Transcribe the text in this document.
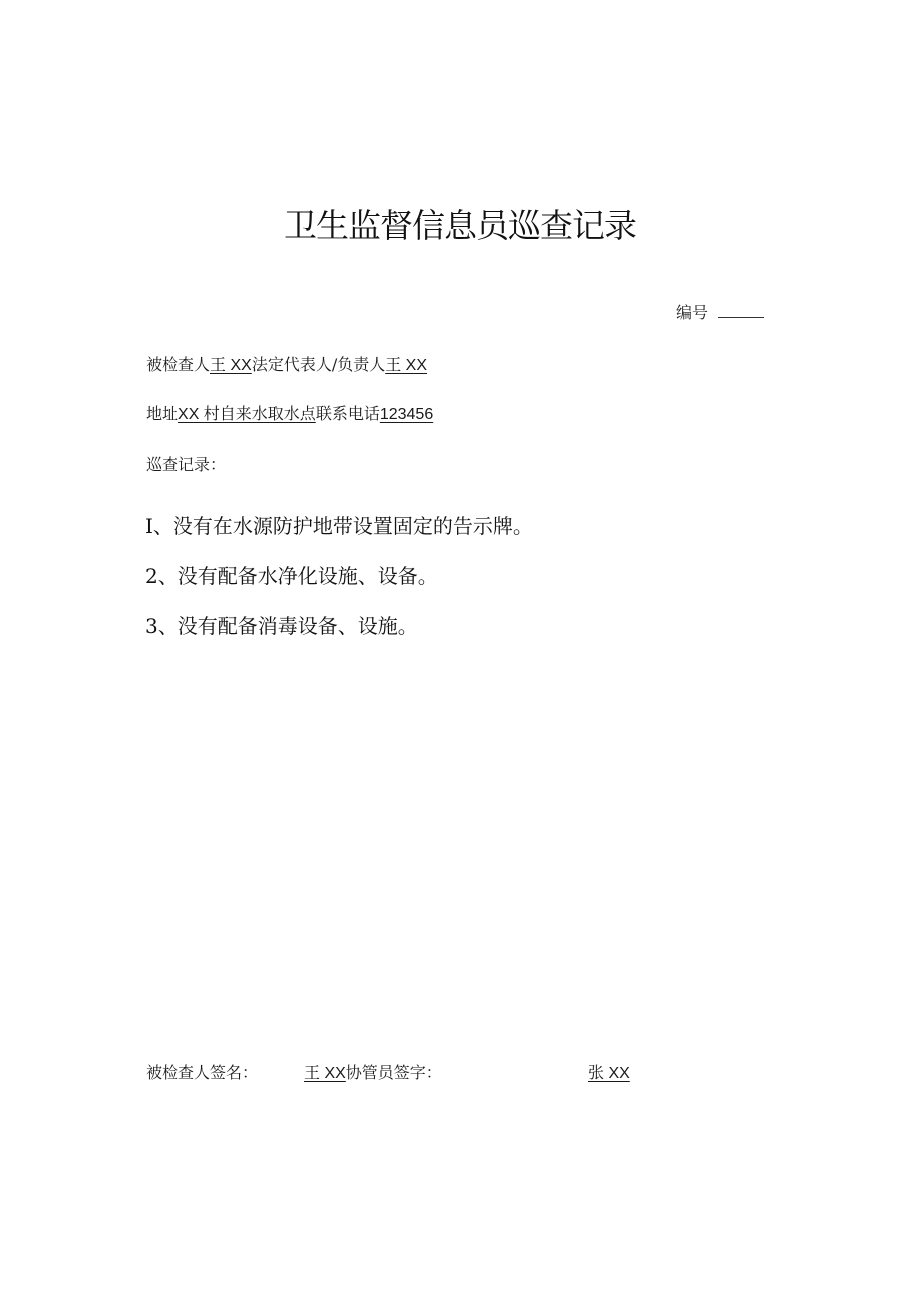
卫生监督信息员巡查记录
编号
被检查人王 XX法定代表人/负责人王 XX
地址XX 村自来水取水点联系电话123456
巡查记录：
I、没有在水源防护地带设置固定的告示牌。
2、没有配备水净化设施、设备。
3、没有配备消毒设备、设施。
被检查人签名：	王 XX协管员签字：	张 XX
